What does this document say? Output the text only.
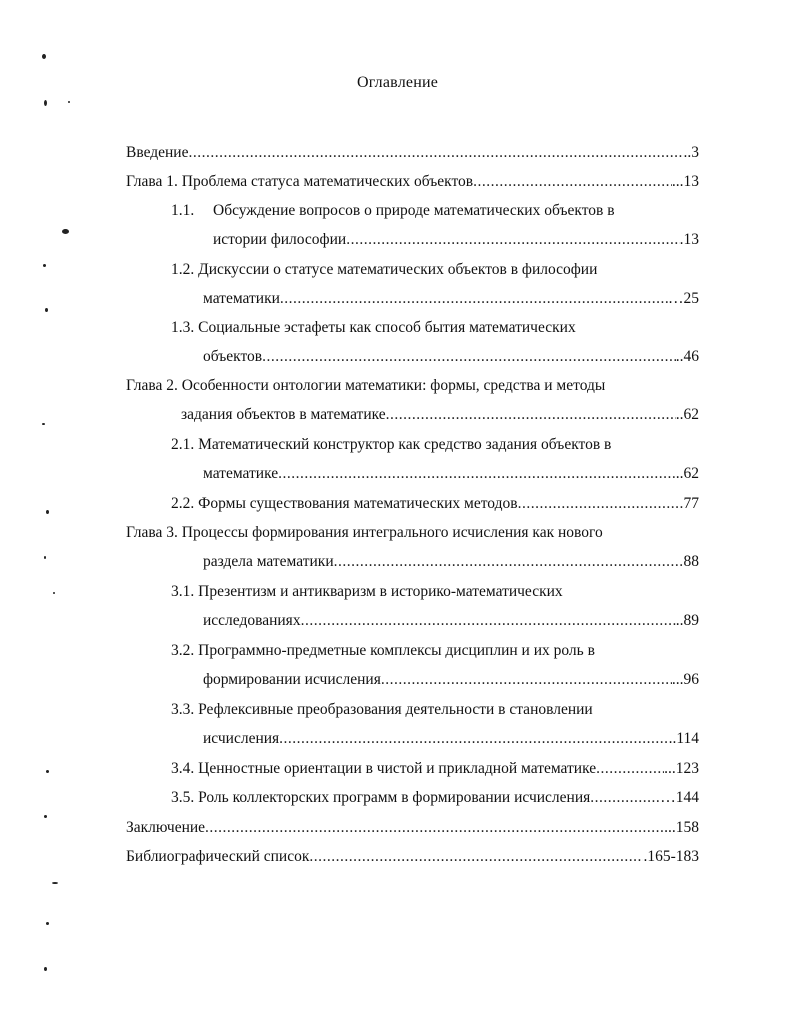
Оглавление
Введение .....	..3
Глава 1. Проблема статуса математических объектов .....	...13
1.1. Обсуждение вопросов о природе математических объектов в
истории философии .....	.13
1.2. Дискуссии о статусе математических объектов в философии
математики .....	…25
1.3. Социальные эстафеты как способ бытия математических
объектов .....	..46
Глава 2. Особенности онтологии математики: формы, средства и методы
задания объектов в математике .....	..62
2.1. Математический конструктор как средство задания объектов в
математике .....	..62
2.2. Формы существования математических методов .....	77
Глава 3. Процессы формирования интегрального исчисления как нового
раздела математики .....	88
3.1. Презентизм и антикваризм в историко-математических
исследованиях .....	..89
3.2. Программно-предметные комплексы дисциплин и их роль в
формировании исчисления .....	...96
3.3. Рефлексивные преобразования деятельности в становлении
исчисления .....	..114
3.4. Ценностные ориентации в чистой и прикладной математике .....	...123
3.5. Роль коллекторских программ в формировании исчисления .....	…144
Заключение .....	...158
Библиографический список .....	.165-183
